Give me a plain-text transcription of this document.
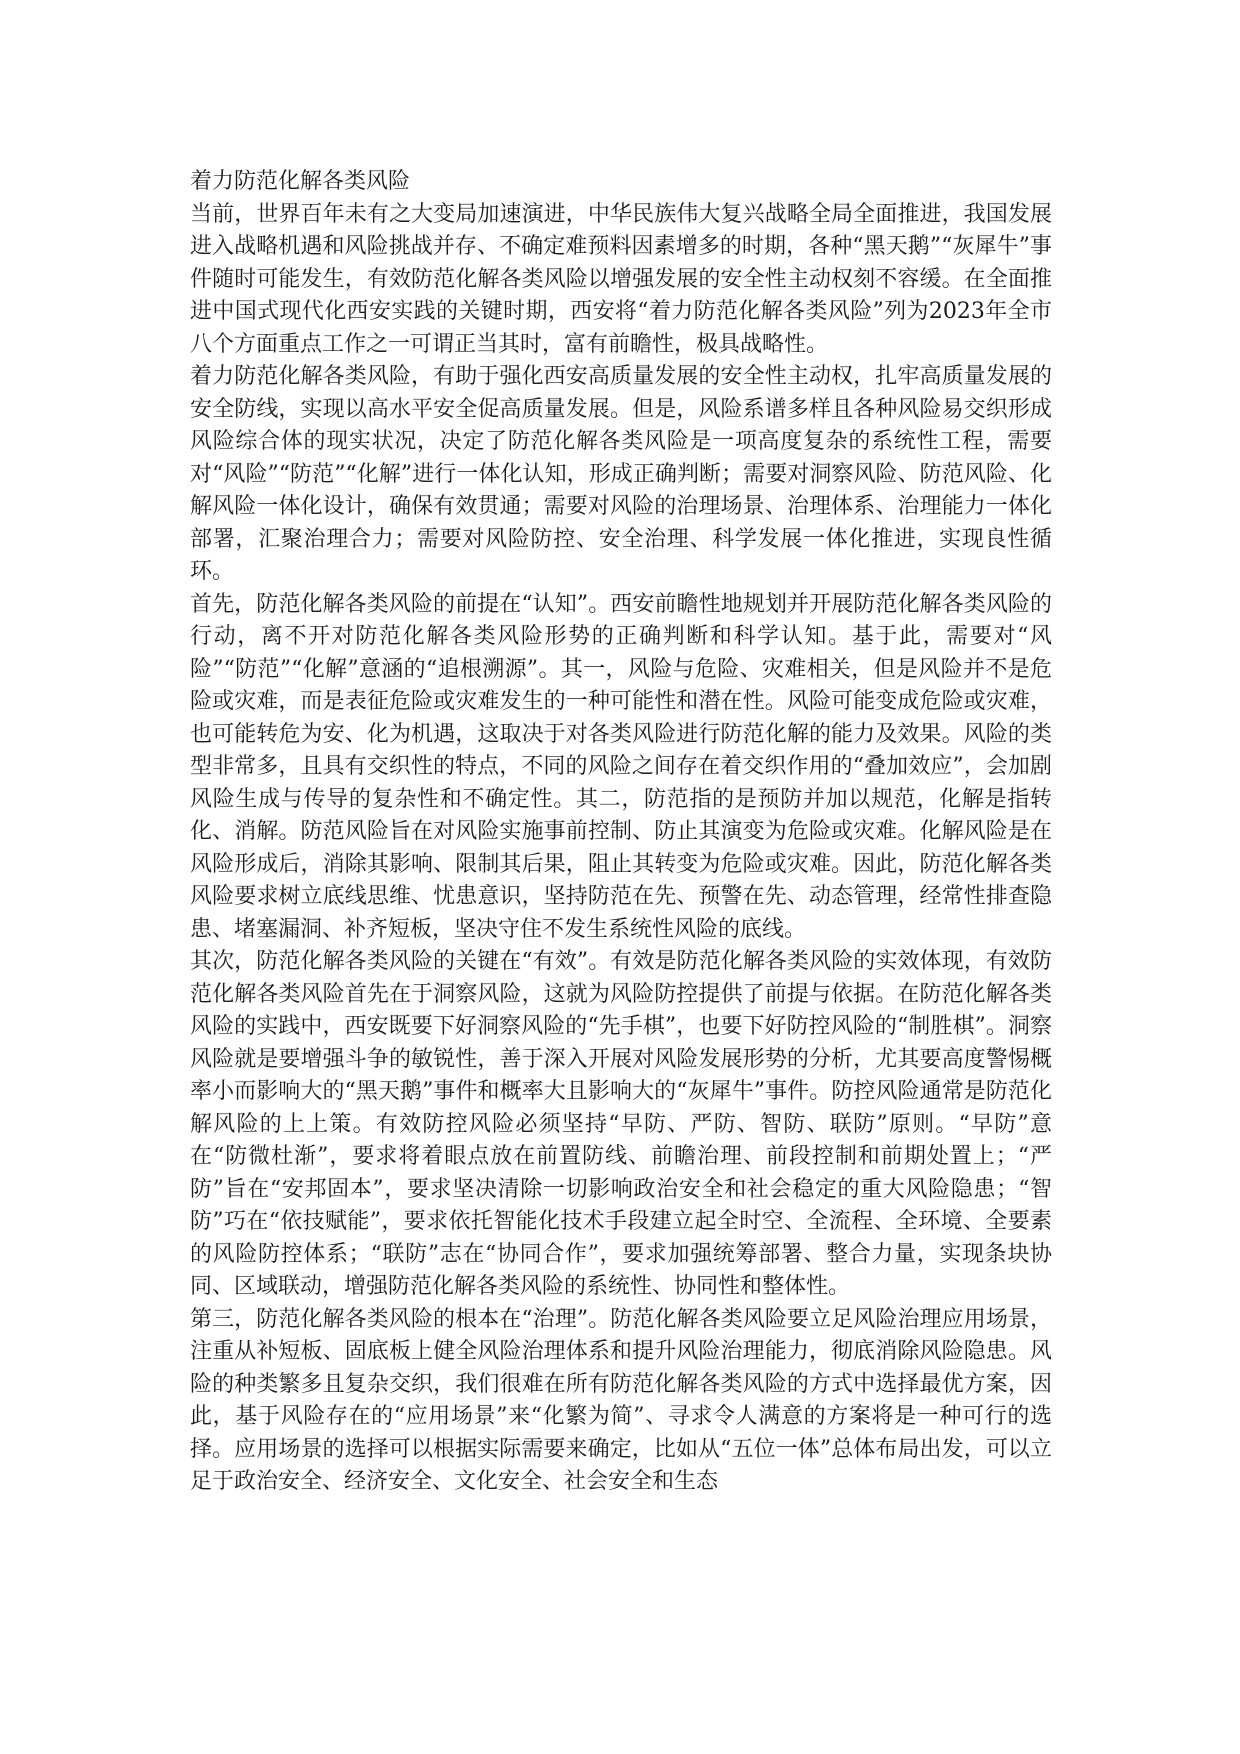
着力防范化解各类风险

当前，世界百年未有之大变局加速演进，中华民族伟大复兴战略全局全面推进，我国发展进入战略机遇和风险挑战并存、不确定难预料因素增多的时期，各种“黑天鹅”“灰犀牛”事件随时可能发生，有效防范化解各类风险以增强发展的安全性主动权刻不容缓。在全面推进中国式现代化西安实践的关键时期，西安将“着力防范化解各类风险”列为2023年全市八个方面重点工作之一可谓正当其时，富有前瞻性，极具战略性。

着力防范化解各类风险，有助于强化西安高质量发展的安全性主动权，扎牢高质量发展的安全防线，实现以高水平安全促高质量发展。但是，风险系谱多样且各种风险易交织形成风险综合体的现实状况，决定了防范化解各类风险是一项高度复杂的系统性工程，需要对“风险”“防范”“化解”进行一体化认知，形成正确判断；需要对洞察风险、防范风险、化解风险一体化设计，确保有效贯通；需要对风险的治理场景、治理体系、治理能力一体化部署，汇聚治理合力；需要对风险防控、安全治理、科学发展一体化推进，实现良性循环。

首先，防范化解各类风险的前提在“认知”。西安前瞻性地规划并开展防范化解各类风险的行动，离不开对防范化解各类风险形势的正确判断和科学认知。基于此，需要对“风险”“防范”“化解”意涵的“追根溯源”。其一，风险与危险、灾难相关，但是风险并不是危险或灾难，而是表征危险或灾难发生的一种可能性和潜在性。风险可能变成危险或灾难，也可能转危为安、化为机遇，这取决于对各类风险进行防范化解的能力及效果。风险的类型非常多，且具有交织性的特点，不同的风险之间存在着交织作用的“叠加效应”，会加剧风险生成与传导的复杂性和不确定性。其二，防范指的是预防并加以规范，化解是指转化、消解。防范风险旨在对风险实施事前控制、防止其演变为危险或灾难。化解风险是在风险形成后，消除其影响、限制其后果，阻止其转变为危险或灾难。因此，防范化解各类风险要求树立底线思维、忧患意识，坚持防范在先、预警在先、动态管理，经常性排查隐患、堵塞漏洞、补齐短板，坚决守住不发生系统性风险的底线。

其次，防范化解各类风险的关键在“有效”。有效是防范化解各类风险的实效体现，有效防范化解各类风险首先在于洞察风险，这就为风险防控提供了前提与依据。在防范化解各类风险的实践中，西安既要下好洞察风险的“先手棋”，也要下好防控风险的“制胜棋”。洞察风险就是要增强斗争的敏锐性，善于深入开展对风险发展形势的分析，尤其要高度警惕概率小而影响大的“黑天鹅”事件和概率大且影响大的“灰犀牛”事件。防控风险通常是防范化解风险的上上策。有效防控风险必须坚持“早防、严防、智防、联防”原则。“早防”意在“防微杜渐”，要求将着眼点放在前置防线、前瞻治理、前段控制和前期处置上；“严防”旨在“安邦固本”，要求坚决清除一切影响政治安全和社会稳定的重大风险隐患；“智防”巧在“依技赋能”，要求依托智能化技术手段建立起全时空、全流程、全环境、全要素的风险防控体系；“联防”志在“协同合作”，要求加强统筹部署、整合力量，实现条块协同、区域联动，增强防范化解各类风险的系统性、协同性和整体性。

第三，防范化解各类风险的根本在“治理”。防范化解各类风险要立足风险治理应用场景，注重从补短板、固底板上健全风险治理体系和提升风险治理能力，彻底消除风险隐患。风险的种类繁多且复杂交织，我们很难在所有防范化解各类风险的方式中选择最优方案，因此，基于风险存在的“应用场景”来“化繁为简”、寻求令人满意的方案将是一种可行的选择。应用场景的选择可以根据实际需要来确定，比如从“五位一体”总体布局出发，可以立足于政治安全、经济安全、文化安全、社会安全和生态
